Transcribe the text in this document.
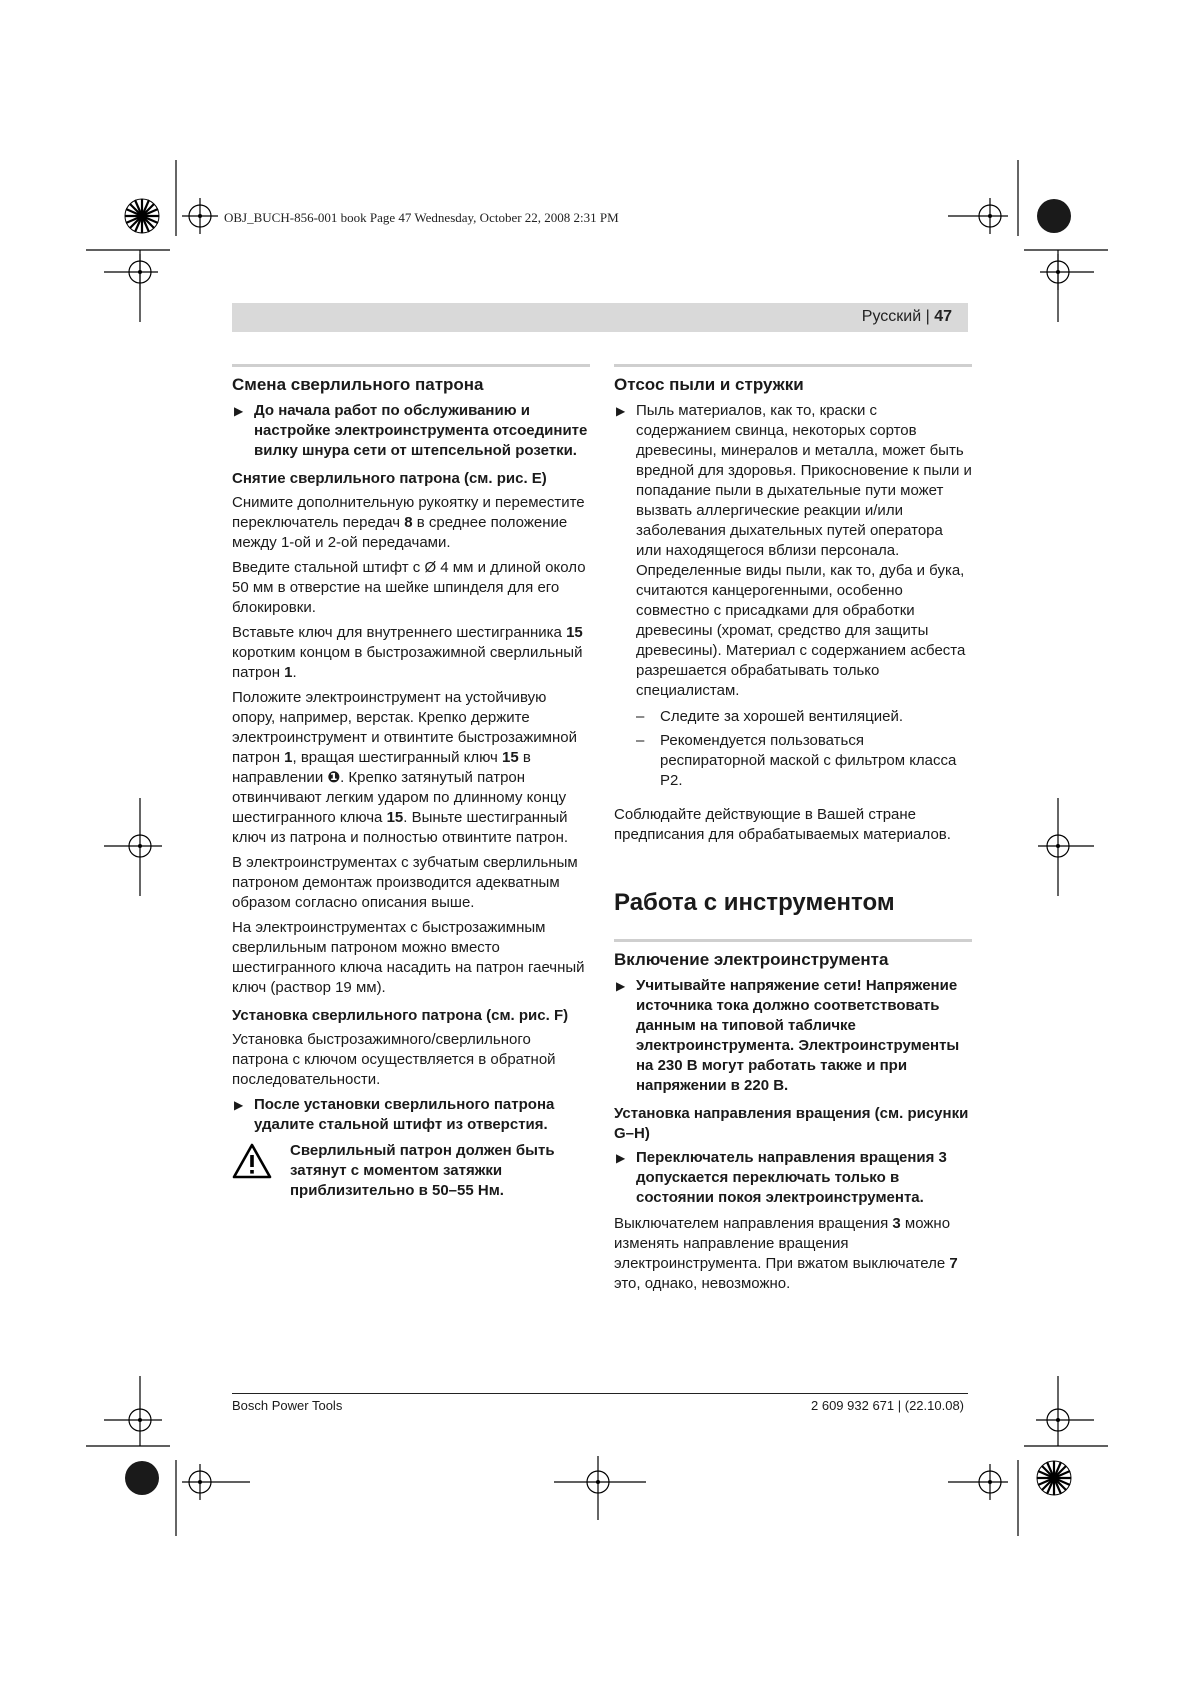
OBJ_BUCH-856-001 book Page 47 Wednesday, October 22, 2008 2:31 PM
Русский | 47
Смена сверлильного патрона
▶ До начала работ по обслуживанию и настройке электроинструмента отсоедините вилку шнура сети от штепсельной розетки.
Снятие сверлильного патрона (см. рис. E)

Снимите дополнительную рукоятку и переместите переключатель передач 8 в среднее положение между 1-ой и 2-ой передачами.

Введите стальной штифт с Ø 4 мм и длиной около 50 мм в отверстие на шейке шпинделя для его блокировки.

Вставьте ключ для внутреннего шестигранника 15 коротким концом в быстрозажимной сверлильный патрон 1.

Положите электроинструмент на устойчивую опору, например, верстак. Крепко держите электроинструмент и отвинтите быстрозажимной патрон 1, вращая шестигранный ключ 15 в направлении ❶. Крепко затянутый патрон отвинчивают легким ударом по длинному концу шестигранного ключа 15. Выньте шестигранный ключ из патрона и полностью отвинтите патрон.

В электроинструментах с зубчатым сверлильным патроном демонтаж производится адекватным образом согласно описания выше.

На электроинструментах с быстрозажимным сверлильным патроном можно вместо шестигранного ключа насадить на патрон гаечный ключ (раствор 19 мм).

Установка сверлильного патрона (см. рис. F)

Установка быстрозажимного/сверлильного патрона с ключом осуществляется в обратной последовательности.

▶ После установки сверлильного патрона удалите стальной штифт из отверстия.
Сверлильный патрон должен быть затянут с моментом затяжки приблизительно в 50–55 Нм.
Отсос пыли и стружки
▶ Пыль материалов, как то, краски с содержанием свинца, некоторых сортов древесины, минералов и металла, может быть вредной для здоровья. Прикосновение к пыли и попадание пыли в дыхательные пути может вызвать аллергические реакции и/или заболевания дыхательных путей оператора или находящегося вблизи персонала. Определенные виды пыли, как то, дуба и бука, считаются канцерогенными, особенно совместно с присадками для обработки древесины (хромат, средство для защиты древесины). Материал с содержанием асбеста разрешается обрабатывать только специалистам.
– Следите за хорошей вентиляцией.
– Рекомендуется пользоваться респираторной маской с фильтром класса P2.

Соблюдайте действующие в Вашей стране предписания для обрабатываемых материалов.

Работа с инструментом
Включение электроинструмента
▶ Учитывайте напряжение сети! Напряжение источника тока должно соответствовать данным на типовой табличке электроинструмента. Электроинструменты на 230 В могут работать также и при напряжении в 220 В.
Установка направления вращения (см. рисунки G–H)
▶ Переключатель направления вращения 3 допускается переключать только в состоянии покоя электроинструмента.

Выключателем направления вращения 3 можно изменять направление вращения электроинструмента. При вжатом выключателе 7 это, однако, невозможно.

Bosch Power Tools	2 609 932 671 | (22.10.08)
